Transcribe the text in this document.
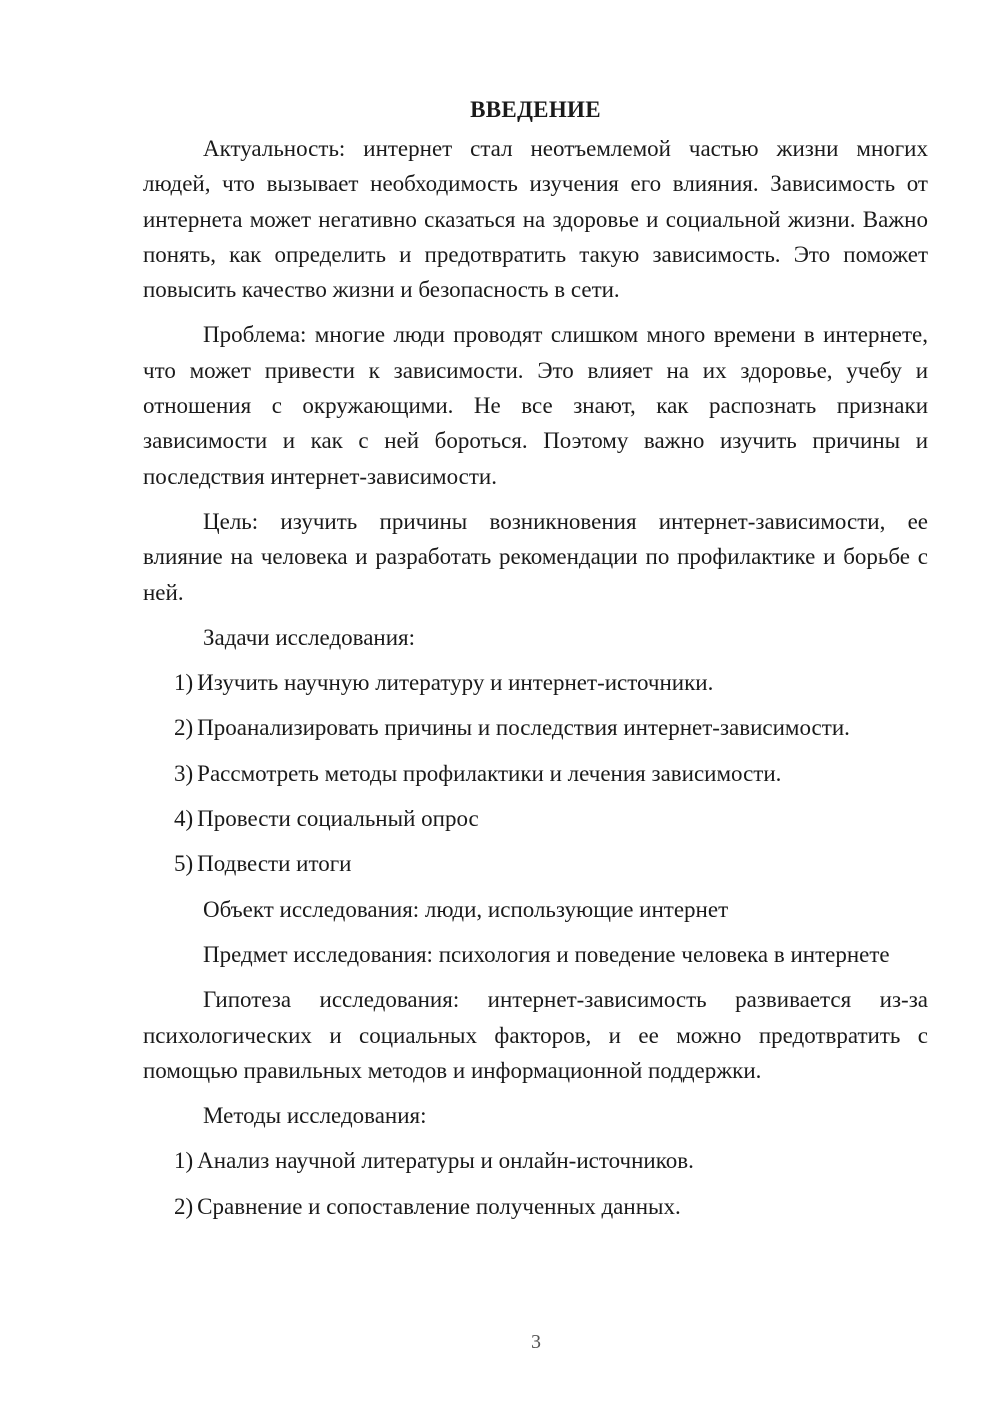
ВВЕДЕНИЕ

Актуальность: интернет стал неотъемлемой частью жизни многих людей, что вызывает необходимость изучения его влияния. Зависимость от интернета может негативно сказаться на здоровье и социальной жизни. Важно понять, как определить и предотвратить такую зависимость. Это поможет повысить качество жизни и безопасность в сети.

Проблема: многие люди проводят слишком много времени в интернете, что может привести к зависимости. Это влияет на их здоровье, учебу и отношения с окружающими. Не все знают, как распознать признаки зависимости и как с ней бороться. Поэтому важно изучить причины и последствия интернет-зависимости.

Цель: изучить причины возникновения интернет-зависимости, ее влияние на человека и разработать рекомендации по профилактике и борьбе с ней.

Задачи исследования:

1) Изучить научную литературу и интернет-источники.
2) Проанализировать причины и последствия интернет-зависимости.
3) Рассмотреть методы профилактики и лечения зависимости.
4) Провести социальный опрос
5) Подвести итоги

Объект исследования: люди, использующие интернет

Предмет исследования: психология и поведение человека в интернете

Гипотеза исследования: интернет-зависимость развивается из-за психологических и социальных факторов, и ее можно предотвратить с помощью правильных методов и информационной поддержки.

Методы исследования:

1) Анализ научной литературы и онлайн-источников.
2) Сравнение и сопоставление полученных данных.
3
